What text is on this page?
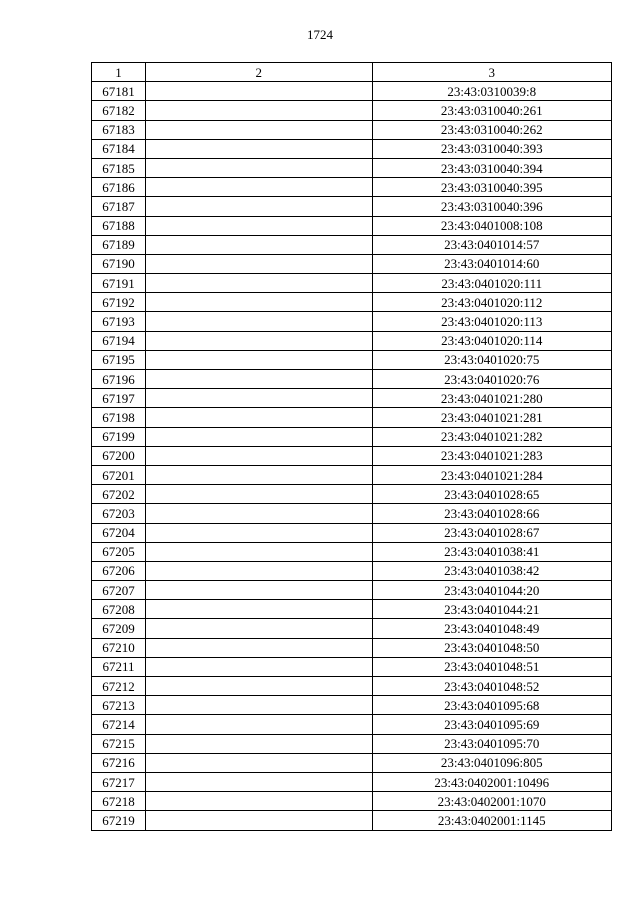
1724
1	2	3
67181		23:43:0310039:8
67182		23:43:0310040:261
67183		23:43:0310040:262
67184		23:43:0310040:393
67185		23:43:0310040:394
67186		23:43:0310040:395
67187		23:43:0310040:396
67188		23:43:0401008:108
67189		23:43:0401014:57
67190		23:43:0401014:60
67191		23:43:0401020:111
67192		23:43:0401020:112
67193		23:43:0401020:113
67194		23:43:0401020:114
67195		23:43:0401020:75
67196		23:43:0401020:76
67197		23:43:0401021:280
67198		23:43:0401021:281
67199		23:43:0401021:282
67200		23:43:0401021:283
67201		23:43:0401021:284
67202		23:43:0401028:65
67203		23:43:0401028:66
67204		23:43:0401028:67
67205		23:43:0401038:41
67206		23:43:0401038:42
67207		23:43:0401044:20
67208		23:43:0401044:21
67209		23:43:0401048:49
67210		23:43:0401048:50
67211		23:43:0401048:51
67212		23:43:0401048:52
67213		23:43:0401095:68
67214		23:43:0401095:69
67215		23:43:0401095:70
67216		23:43:0401096:805
67217		23:43:0402001:10496
67218		23:43:0402001:1070
67219		23:43:0402001:1145
